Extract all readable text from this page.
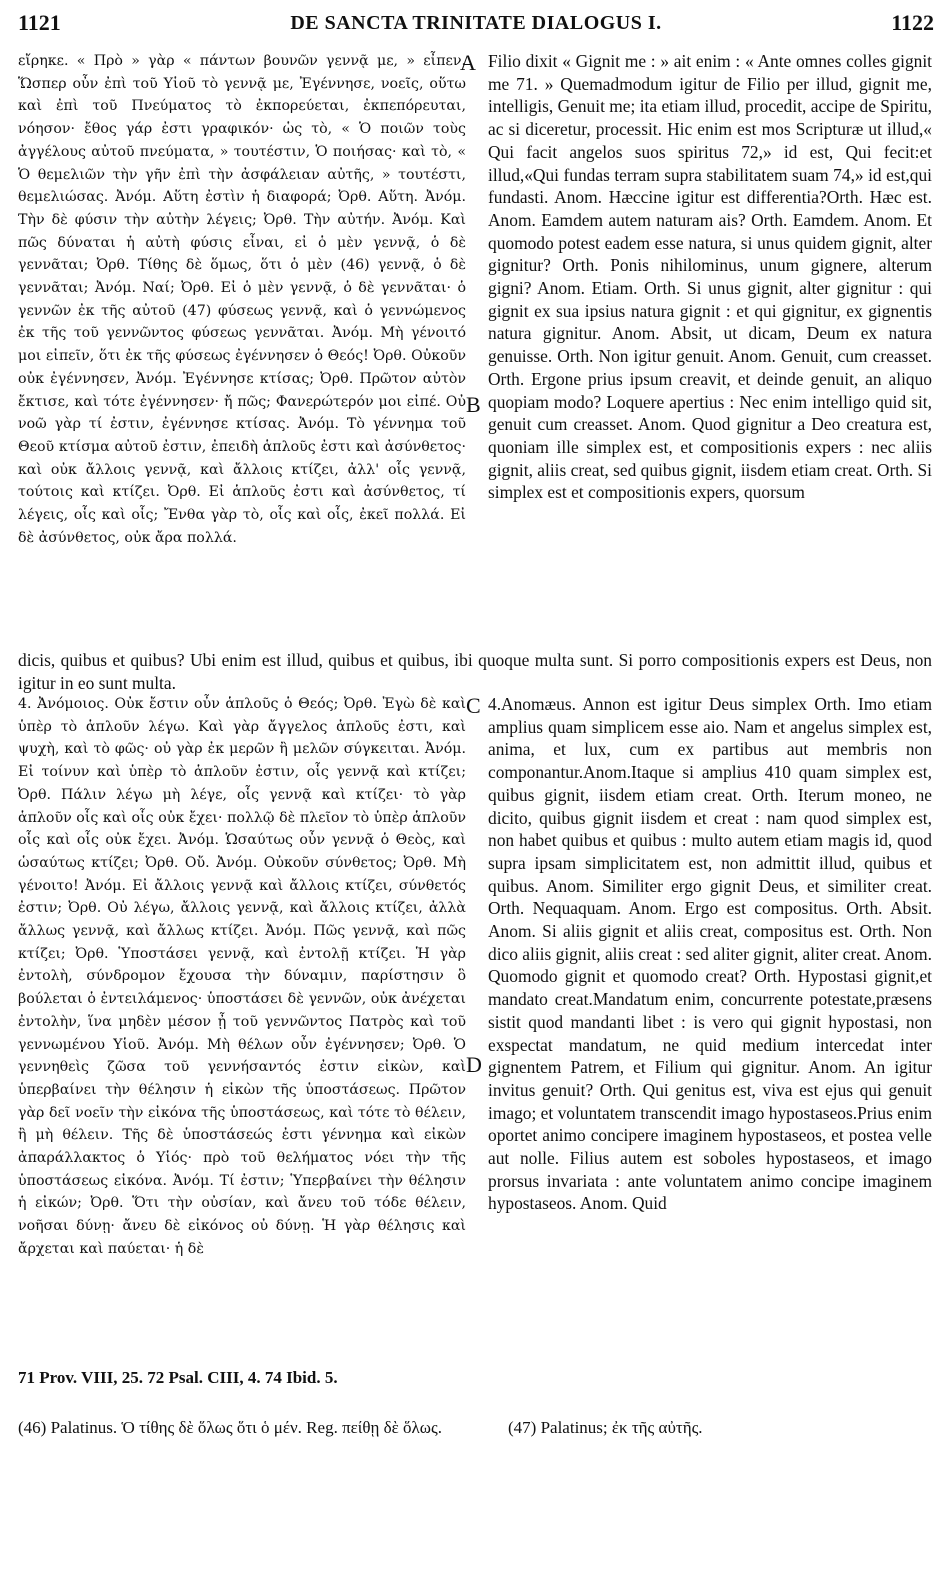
1121	DE SANCTA TRINITATE DIALOGUS I.	1122

εἴρηκε. « Πρὸ » γὰρ « πάντων βουνῶν γεννᾷ με, » εἶπεν. Ὥσπερ οὖν ἐπὶ τοῦ Υἱοῦ τὸ γεννᾷ με, Ἐγέννησε, νοεῖς, οὕτω καὶ ἐπὶ τοῦ Πνεύματος τὸ ἐκπορεύεται, ἐκπεπόρευται, νόησον· ἔθος γάρ ἐστι γραφικόν· ὡς τὸ, « Ὁ ποιῶν τοὺς ἀγγέλους αὐτοῦ πνεύματα, » τουτέστιν, Ὁ ποιήσας· καὶ τὸ, « Ὁ θεμελιῶν τὴν γῆν ἐπὶ τὴν ἀσφάλειαν αὐτῆς, » τουτέστι, θεμελιώσας. Ἀνόμ. Αὕτη ἐστὶν ἡ διαφορά; Ὀρθ. Αὕτη. Ἀνόμ. Τὴν δὲ φύσιν τὴν αὐτὴν λέγεις; Ὀρθ. Τὴν αὐτήν. Ἀνόμ. Καὶ πῶς δύναται ἡ αὐτὴ φύσις εἶναι, εἰ ὁ μὲν γεννᾷ, ὁ δὲ γεννᾶται; Ὀρθ. Τίθης δὲ ὅμως, ὅτι ὁ μὲν (46) γεννᾷ, ὁ δὲ γεννᾶται; Ἀνόμ. Ναί; Ὀρθ. Εἰ ὁ μὲν γεννᾷ, ὁ δὲ γεννᾶται· ὁ γεννῶν ἐκ τῆς αὐτοῦ (47) φύσεως γεννᾷ, καὶ ὁ γεννώμενος ἐκ τῆς τοῦ γεννῶντος φύσεως γεννᾶται. Ἀνόμ. Μὴ γένοιτό μοι εἰπεῖν, ὅτι ἐκ τῆς φύσεως ἐγέννησεν ὁ Θεός! Ὀρθ. Οὐκοῦν οὐκ ἐγέννησεν, Ἀνόμ. Ἐγέννησε κτίσας; Ὀρθ. Πρῶτον αὐτὸν ἔκτισε, καὶ τότε ἐγέννησεν· ἤ πῶς; Φανερώτερόν μοι εἰπέ. Οὐ νοῶ γὰρ τί ἐστιν, ἐγέννησε κτίσας. Ἀνόμ. Τὸ γέννημα τοῦ Θεοῦ κτίσμα αὐτοῦ ἐστιν, ἐπειδὴ ἁπλοῦς ἐστι καὶ ἀσύνθετος· καὶ οὐκ ἄλλοις γεννᾷ, καὶ ἄλλοις κτίζει, ἀλλ' οἷς γεννᾷ, τούτοις καὶ κτίζει. Ὀρθ. Εἰ ἁπλοῦς ἐστι καὶ ἀσύνθετος, τί λέγεις, οἷς καὶ οἷς; Ἔνθα γὰρ τὸ, οἷς καὶ οἷς, ἐκεῖ πολλά. Εἰ δὲ ἀσύνθετος, οὐκ ἄρα πολλά.

Filio dixit « Gignit me : » ait enim : « Ante omnes colles gignit me 71. » Quemadmodum igitur de Filio per illud, gignit me, intelligis, Genuit me; ita etiam illud, procedit, accipe de Spiritu, ac si diceretur, processit. Hic enim est mos Scripturæ ut illud,« Qui facit angelos suos spiritus 72,» id est, Qui fecit:et illud,«Qui fundas terram supra stabilitatem suam 74,» id est,qui fundasti. Anom. Hæccine igitur est differentia?Orth. Hæc est. Anom. Eamdem autem naturam ais? Orth. Eamdem. Anom. Et quomodo potest eadem esse natura, si unus quidem gignit, alter gignitur? Orth. Ponis nihilominus, unum gignere, alterum gigni? Anom. Etiam. Orth. Si unus gignit, alter gignitur : qui gignit ex sua ipsius natura gignit : et qui gignitur, ex gignentis natura gignitur. Anom. Absit, ut dicam, Deum ex natura genuisse. Orth. Non igitur genuit. Anom. Genuit, cum creasset. Orth. Ergone prius ipsum creavit, et deinde genuit, an aliquo quopiam modo? Loquere apertius : Nec enim intelligo quid sit, genuit cum creasset. Anom. Quod gignitur a Deo creatura est, quoniam ille simplex est, et compositionis expers : nec aliis gignit, aliis creat, sed quibus gignit, iisdem etiam creat. Orth. Si simplex est et compositionis expers, quorsum

A
B
dicis, quibus et quibus? Ubi enim est illud, quibus et quibus, ibi quoque multa sunt. Si porro compositionis expers est Deus, non igitur in eo sunt multa.

4. Ἀνόμοιος. Οὐκ ἔστιν οὖν ἁπλοῦς ὁ Θεός; Ὀρθ. Ἐγὼ δὲ καὶ ὑπὲρ τὸ ἁπλοῦν λέγω. Καὶ γὰρ ἄγγελος ἁπλοῦς ἐστι, καὶ ψυχὴ, καὶ τὸ φῶς· οὐ γὰρ ἐκ μερῶν ἢ μελῶν σύγκειται. Ἀνόμ. Εἰ τοίνυν καὶ ὑπὲρ τὸ ἁπλοῦν ἐστιν, οἷς γεννᾷ καὶ κτίζει; Ὀρθ. Πάλιν λέγω μὴ λέγε, οἷς γεννᾷ καὶ κτίζει· τὸ γὰρ ἁπλοῦν οἷς καὶ οἷς οὐκ ἔχει· πολλῷ δὲ πλεῖον τὸ ὑπὲρ ἁπλοῦν οἷς καὶ οἷς οὐκ ἔχει. Ἀνόμ. Ὡσαύτως οὖν γεννᾷ ὁ Θεὸς, καὶ ὡσαύτως κτίζει; Ὀρθ. Οὔ. Ἀνόμ. Οὐκοῦν σύνθετος; Ὀρθ. Μὴ γένοιτο! Ἀνόμ. Εἰ ἄλλοις γεννᾷ καὶ ἄλλοις κτίζει, σύνθετός ἐστιν; Ὀρθ. Οὐ λέγω, ἄλλοις γεννᾷ, καὶ ἄλλοις κτίζει, ἀλλὰ ἄλλως γεννᾷ, καὶ ἄλλως κτίζει. Ἀνόμ. Πῶς γεννᾷ, καὶ πῶς κτίζει; Ὀρθ. Ὑποστάσει γεννᾷ, καὶ ἐντολῇ κτίζει. Ἡ γὰρ ἐντολὴ, σύνδρομον ἔχουσα τὴν δύναμιν, παρίστησιν ὃ βούλεται ὁ ἐντειλάμενος· ὑποστάσει δὲ γεννῶν, οὐκ ἀνέχεται ἐντολὴν, ἵνα μηδὲν μέσον ᾖ τοῦ γεννῶντος Πατρὸς καὶ τοῦ γεννωμένου Υἱοῦ. Ἀνόμ. Μὴ θέλων οὖν ἐγέννησεν; Ὀρθ. Ὁ γεννηθεὶς ζῶσα τοῦ γεννήσαντός ἐστιν εἰκὼν, καὶ ὑπερβαίνει τὴν θέλησιν ἡ εἰκὼν τῆς ὑποστάσεως. Πρῶτον γὰρ δεῖ νοεῖν τὴν εἰκόνα τῆς ὑποστάσεως, καὶ τότε τὸ θέλειν, ἢ μὴ θέλειν. Τῆς δὲ ὑποστάσεώς ἐστι γέννημα καὶ εἰκὼν ἀπαράλλακτος ὁ Υἱός· πρὸ τοῦ θελήματος νόει τὴν τῆς ὑποστάσεως εἰκόνα. Ἀνόμ. Τί ἐστιν; Ὑπερβαίνει τὴν θέλησιν ἡ εἰκών; Ὀρθ. Ὅτι τὴν οὐσίαν, καὶ ἄνευ τοῦ τόδε θέλειν, νοῆσαι δύνῃ· ἄνευ δὲ εἰκόνος οὐ δύνῃ. Ἡ γὰρ θέλησις καὶ ἄρχεται καὶ παύεται· ἡ δὲ

4.Anomæus. Annon est igitur Deus simplex Orth. Imo etiam amplius quam simplicem esse aio. Nam et angelus simplex est, anima, et lux, cum ex partibus aut membris non componantur.Anom.Itaque si amplius 410 quam simplex est, quibus gignit, iisdem etiam creat. Orth. Iterum moneo, ne dicito, quibus gignit iisdem et creat : nam quod simplex est, non habet quibus et quibus : multo autem etiam magis id, quod supra ipsam simplicitatem est, non admittit illud, quibus et quibus. Anom. Similiter ergo gignit Deus, et similiter creat. Orth. Nequaquam. Anom. Ergo est compositus. Orth. Absit. Anom. Si aliis gignit et aliis creat, compositus est. Orth. Non dico aliis gignit, aliis creat : sed aliter gignit, aliter creat. Anom. Quomodo gignit et quomodo creat? Orth. Hypostasi gignit,et mandato creat.Mandatum enim, concurrente potestate,præsens sistit quod mandanti libet : is vero qui gignit hypostasi, non exspectat mandatum, ne quid medium intercedat inter gignentem Patrem, et Filium qui gignitur. Anom. An igitur invitus genuit? Orth. Qui genitus est, viva est ejus qui genuit imago; et voluntatem transcendit imago hypostaseos.Prius enim oportet animo concipere imaginem hypostaseos, et postea velle aut nolle. Filius autem est soboles hypostaseos, et imago prorsus invariata : ante voluntatem animo concipe imaginem hypostaseos. Anom. Quid

C
D
71 Prov. VIII, 25. 72 Psal. CIII, 4. 74 Ibid. 5.
(46) Palatinus. Ὁ τίθης δὲ ὅλως ὅτι ὁ μέν. Reg. πείθῃ δὲ ὅλως.	(47) Palatinus; ἐκ τῆς αὐτῆς.
